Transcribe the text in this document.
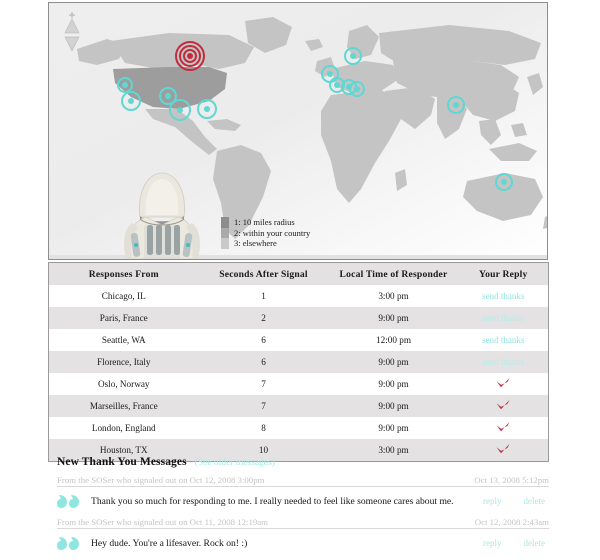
1: 10 miles radius
2: within your country
3: elsewhere
Responses From	Seconds After Signal	Local Time of Responder	Your Reply
Chicago, IL	1	3:00 pm	send thanks
Paris, France	2	9:00 pm	send thanks
Seattle, WA	6	12:00 pm	send thanks
Florence, Italy	6	9:00 pm	send thanks
Oslo, Norway	7	9:00 pm	
Marseilles, France	7	9:00 pm	
London, England	8	9:00 pm	
Houston, TX	10	3:00 pm	
New Thank You Messages (See older messages)
From the SOSer who signaled out on Oct 12, 2008 3:00pm	Oct 13, 2008 5:12pm
Thank you so much for responding to me. I really needed to feel like someone cares about me.	reply delete
From the SOSer who signaled out on Oct 11, 2008 12:19am	Oct 12, 2008 2:43am
Hey dude. You're a lifesaver. Rock on! :)	reply delete
